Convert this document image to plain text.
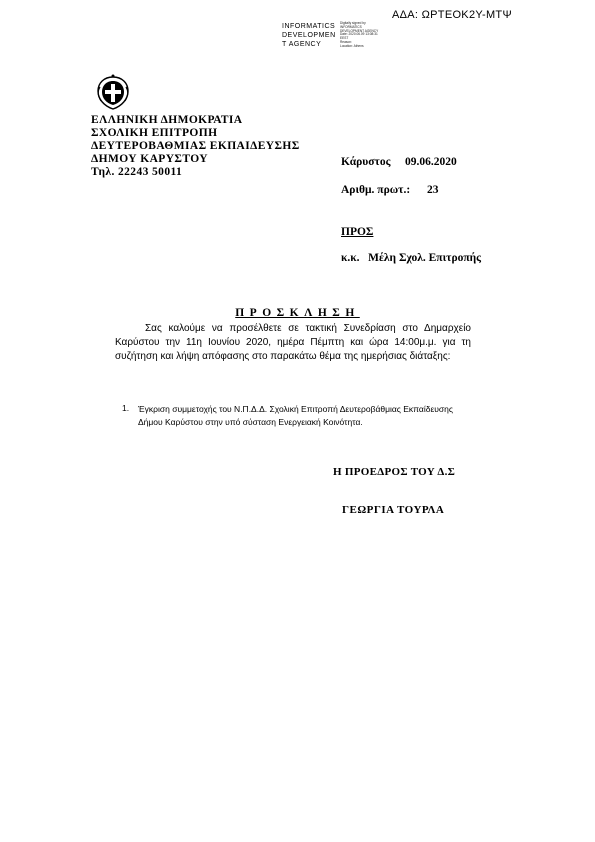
ΑΔΑ: ΩΡΤΕΟΚ2Υ-ΜΤΨ
INFORMATICS
DEVELOPMEN
T AGENCY
Digitally signed by
INFORMATICS
DEVELOPMENT AGENCY
Date: 2020.06.09 13:08:31
EEST
Reason:
Location: Athens
ΕΛΛΗΝΙΚΗ ΔΗΜΟΚΡΑΤΙΑ
ΣΧΟΛΙΚΗ ΕΠΙΤΡΟΠΗ
ΔΕΥΤΕΡΟΒΑΘΜΙΑΣ ΕΚΠΑΙΔΕΥΣΗΣ
ΔΗΜΟΥ ΚΑΡΥΣΤΟΥ
Τηλ. 22243 50011
Κάρυστος 09.06.2020
Αριθμ. πρωτ.: 23
ΠΡΟΣ
κ.κ.   Μέλη Σχολ. Επιτροπής
ΠΡΟΣΚΛΗΣΗ
Σας καλούμε να προσέλθετε σε τακτική Συνεδρίαση στο Δημαρχείο Καρύστου την 11η Ιουνίου 2020, ημέρα Πέμπτη και ώρα 14:00μ.μ. για τη συζήτηση και λήψη απόφασης στο παρακάτω θέμα της ημερήσιας διάταξης:
1. Έγκριση συμμετοχής του Ν.Π.Δ.Δ. Σχολική Επιτροπή Δευτεροβάθμιας Εκπαίδευσης Δήμου Καρύστου στην υπό σύσταση Ενεργειακή Κοινότητα.
Η ΠΡΟΕΔΡΟΣ ΤΟΥ Δ.Σ
ΓΕΩΡΓΙΑ ΤΟΥΡΛΑ
